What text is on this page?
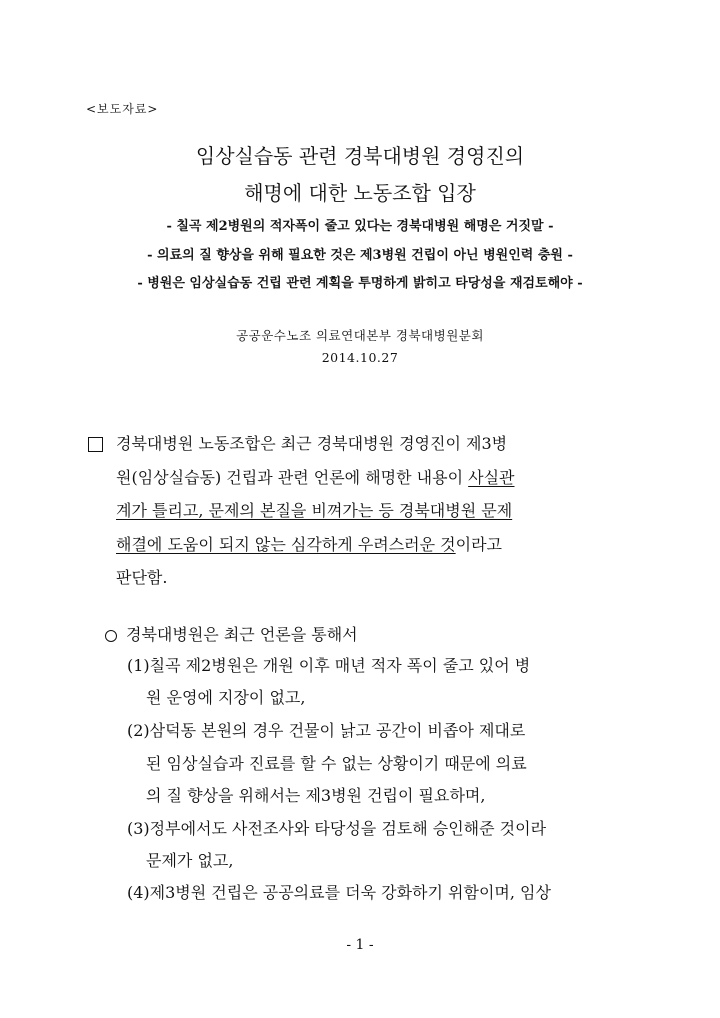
<보도자료>
임상실습동 관련 경북대병원 경영진의
해명에 대한 노동조합 입장
- 칠곡 제2병원의 적자폭이 줄고 있다는 경북대병원 해명은 거짓말 -
- 의료의 질 향상을 위해 필요한 것은 제3병원 건립이 아닌 병원인력 충원 -
- 병원은 임상실습동 건립 관련 계획을 투명하게 밝히고 타당성을 재검토해야 -
공공운수노조 의료연대본부 경북대병원분회
2014.10.27
경북대병원 노동조합은 최근 경북대병원 경영진이 제3병
원(임상실습동) 건립과 관련 언론에 해명한 내용이 사실관
계가 틀리고, 문제의 본질을 비껴가는 등 경북대병원 문제
해결에 도움이 되지 않는 심각하게 우려스러운 것이라고
판단함.
경북대병원은 최근 언론을 통해서
(1)칠곡 제2병원은 개원 이후 매년 적자 폭이 줄고 있어 병
원 운영에 지장이 없고,
(2)삼덕동 본원의 경우 건물이 낡고 공간이 비좁아 제대로
된 임상실습과 진료를 할 수 없는 상황이기 때문에 의료
의 질 향상을 위해서는 제3병원 건립이 필요하며,
(3)정부에서도 사전조사와 타당성을 검토해 승인해준 것이라
문제가 없고,
(4)제3병원 건립은 공공의료를 더욱 강화하기 위함이며, 임상
- 1 -
